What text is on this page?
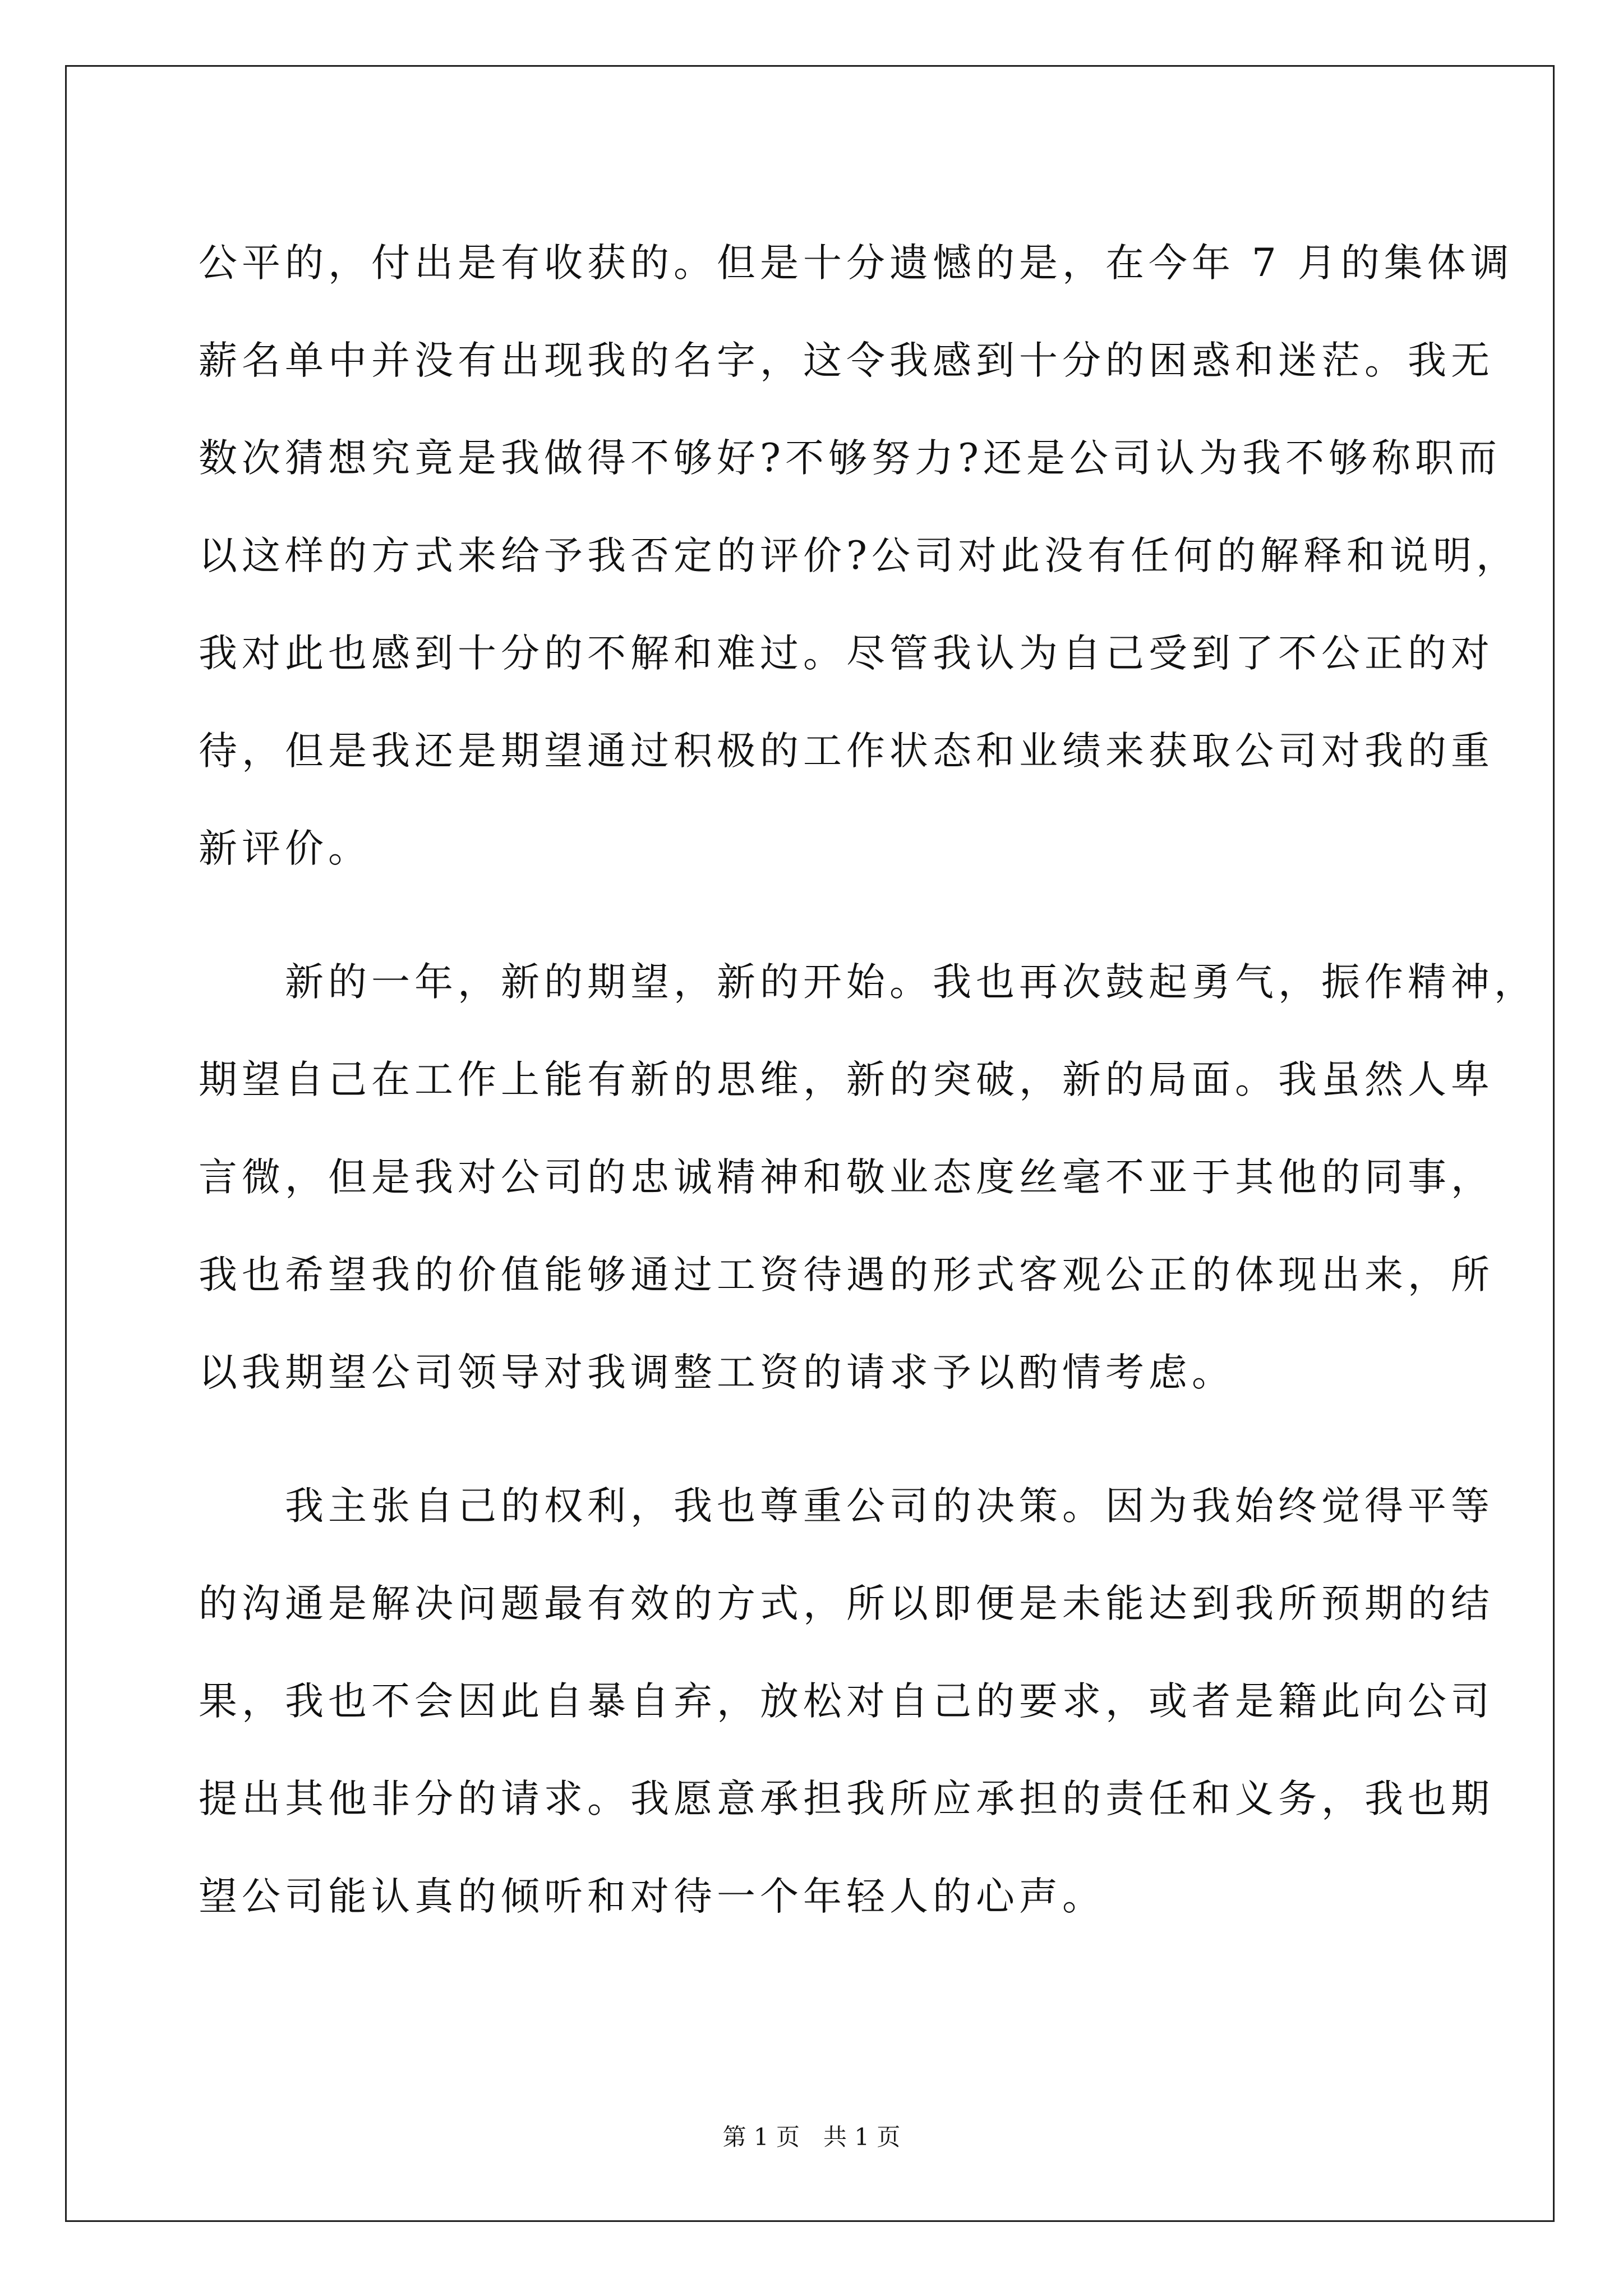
公平的，付出是有收获的。但是十分遗憾的是，在今年 7 月的集体调

薪名单中并没有出现我的名字，这令我感到十分的困惑和迷茫。我无

数次猜想究竟是我做得不够好?不够努力?还是公司认为我不够称职而

以这样的方式来给予我否定的评价?公司对此没有任何的解释和说明，

我对此也感到十分的不解和难过。尽管我认为自己受到了不公正的对

待，但是我还是期望通过积极的工作状态和业绩来获取公司对我的重

新评价。

　　新的一年，新的期望，新的开始。我也再次鼓起勇气，振作精神，

期望自己在工作上能有新的思维，新的突破，新的局面。我虽然人卑

言微，但是我对公司的忠诚精神和敬业态度丝毫不亚于其他的同事，

我也希望我的价值能够通过工资待遇的形式客观公正的体现出来，所

以我期望公司领导对我调整工资的请求予以酌情考虑。

　　我主张自己的权利，我也尊重公司的决策。因为我始终觉得平等

的沟通是解决问题最有效的方式，所以即便是未能达到我所预期的结

果，我也不会因此自暴自弃，放松对自己的要求，或者是籍此向公司

提出其他非分的请求。我愿意承担我所应承担的责任和义务，我也期

望公司能认真的倾听和对待一个年轻人的心声。

第 1 页　共 1 页
